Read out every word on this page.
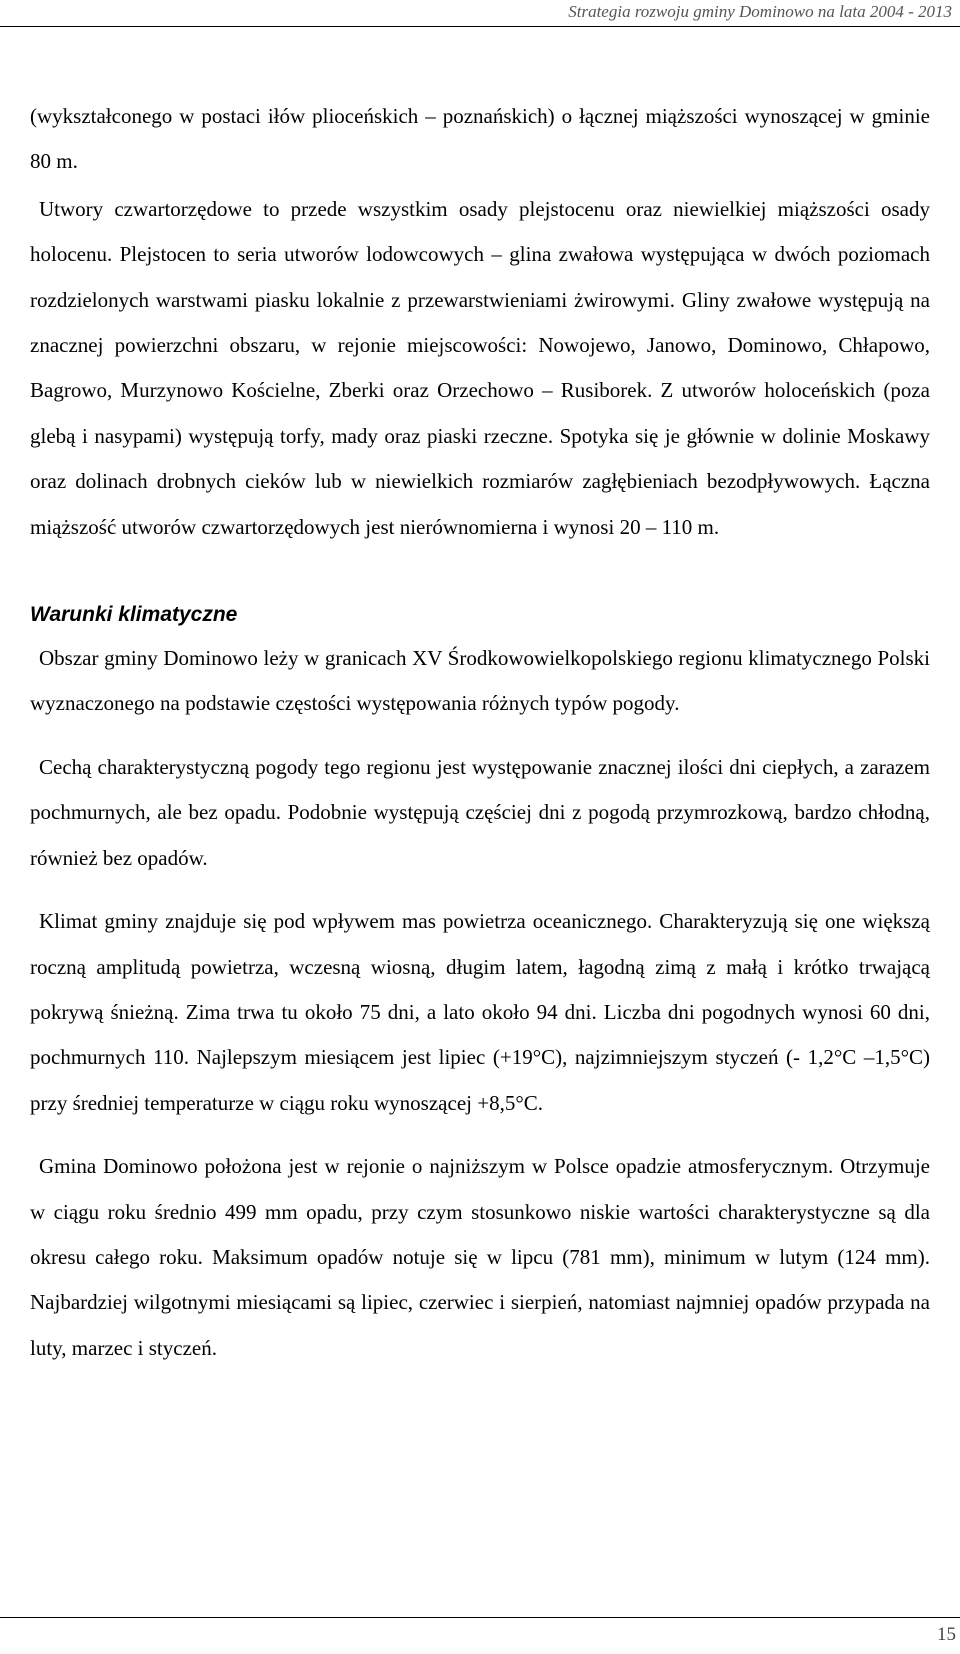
Strategia rozwoju gminy Dominowo na lata 2004 - 2013

(wykształconego w postaci iłów plioceńskich – poznańskich) o łącznej miąższości wynoszącej w gminie 80 m.

Utwory czwartorzędowe to przede wszystkim osady plejstocenu oraz niewielkiej miąższości osady holocenu. Plejstocen to seria utworów lodowcowych – glina zwałowa występująca w dwóch poziomach rozdzielonych warstwami piasku lokalnie z przewarstwieniami żwirowymi. Gliny zwałowe występują na znacznej powierzchni obszaru, w rejonie miejscowości: Nowojewo, Janowo, Dominowo, Chłapowo, Bagrowo, Murzynowo Kościelne, Zberki oraz Orzechowo – Rusiborek. Z utworów holoceńskich (poza glebą i nasypami) występują torfy, mady oraz piaski rzeczne. Spotyka się je głównie w dolinie Moskawy oraz dolinach drobnych cieków lub w niewielkich rozmiarów zagłębieniach bezodpływowych. Łączna miąższość utworów czwartorzędowych jest nierównomierna i wynosi 20 – 110 m.

Warunki klimatyczne

Obszar gminy Dominowo leży w granicach XV Środkowowielkopolskiego regionu klimatycznego Polski wyznaczonego na podstawie częstości występowania różnych typów pogody.

Cechą charakterystyczną pogody tego regionu jest występowanie znacznej ilości dni ciepłych, a zarazem pochmurnych, ale bez opadu. Podobnie występują częściej dni z pogodą przymrozkową, bardzo chłodną, również bez opadów.

Klimat gminy znajduje się pod wpływem mas powietrza oceanicznego. Charakteryzują się one większą roczną amplitudą powietrza, wczesną wiosną, długim latem, łagodną zimą z małą i krótko trwającą pokrywą śnieżną. Zima trwa tu około 75 dni, a lato około 94 dni. Liczba dni pogodnych wynosi 60 dni, pochmurnych 110. Najlepszym miesiącem jest lipiec (+19°C), najzimniejszym styczeń (- 1,2°C –1,5°C) przy średniej temperaturze w ciągu roku wynoszącej +8,5°C.

Gmina Dominowo położona jest w rejonie o najniższym w Polsce opadzie atmosferycznym. Otrzymuje w ciągu roku średnio 499 mm opadu, przy czym stosunkowo niskie wartości charakterystyczne są dla okresu całego roku. Maksimum opadów notuje się w lipcu (781 mm), minimum w lutym (124 mm). Najbardziej wilgotnymi miesiącami są lipiec, czerwiec i sierpień, natomiast najmniej opadów przypada na luty, marzec i styczeń.

15
